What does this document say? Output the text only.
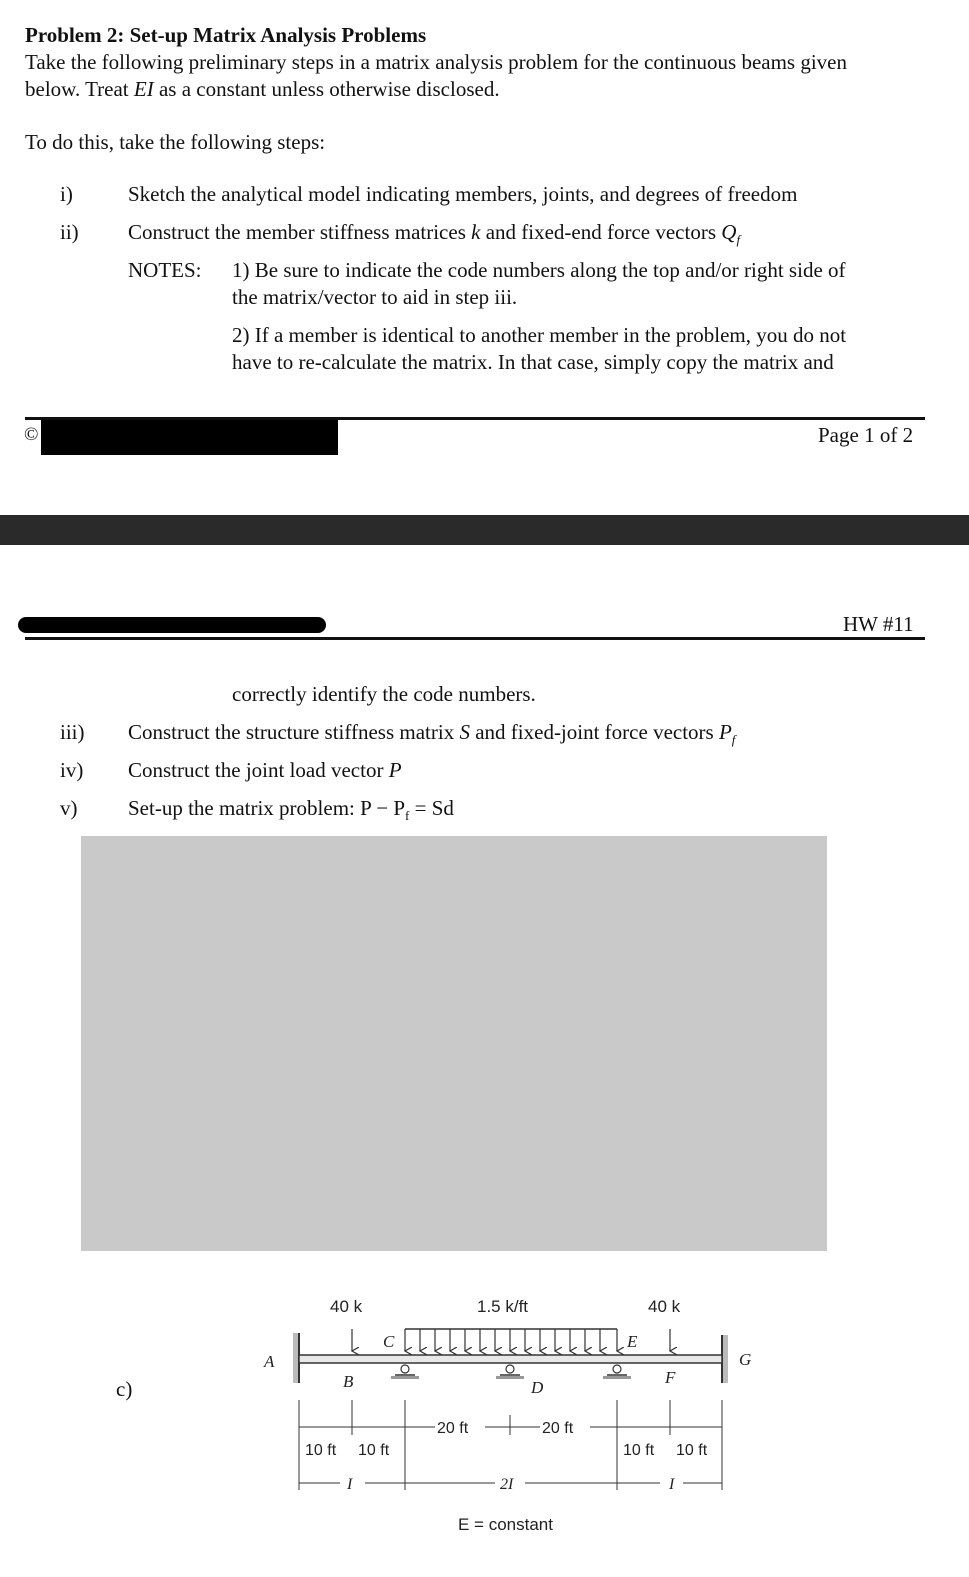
Problem 2: Set-up Matrix Analysis Problems
Take the following preliminary steps in a matrix analysis problem for the continuous beams given
below. Treat EI as a constant unless otherwise disclosed.
To do this, take the following steps:
i)	Sketch the analytical model indicating members, joints, and degrees of freedom
ii) Construct the member stiffness matrices k and fixed-end force vectors $Q_f$
NOTES: 1) Be sure to indicate the code numbers along the top and/or right side of
the matrix/vector to aid in step iii.
2) If a member is identical to another member in the problem, you do not
have to re-calculate the matrix. In that case, simply copy the matrix and
©	Page 1 of 2
HW #11
correctly identify the code numbers.
iii) Construct the structure stiffness matrix S and fixed-joint force vectors $P_f$
iv) Construct the joint load vector P
v) Set-up the matrix problem: $P - P_f = Sd$
c)
40 k	1.5 k/ft	40 k
A
B
C
D
E
F
G
10 ft 10 ft
20 ft	20 ft
10 ft 10 ft
I	2I	I
E = constant
